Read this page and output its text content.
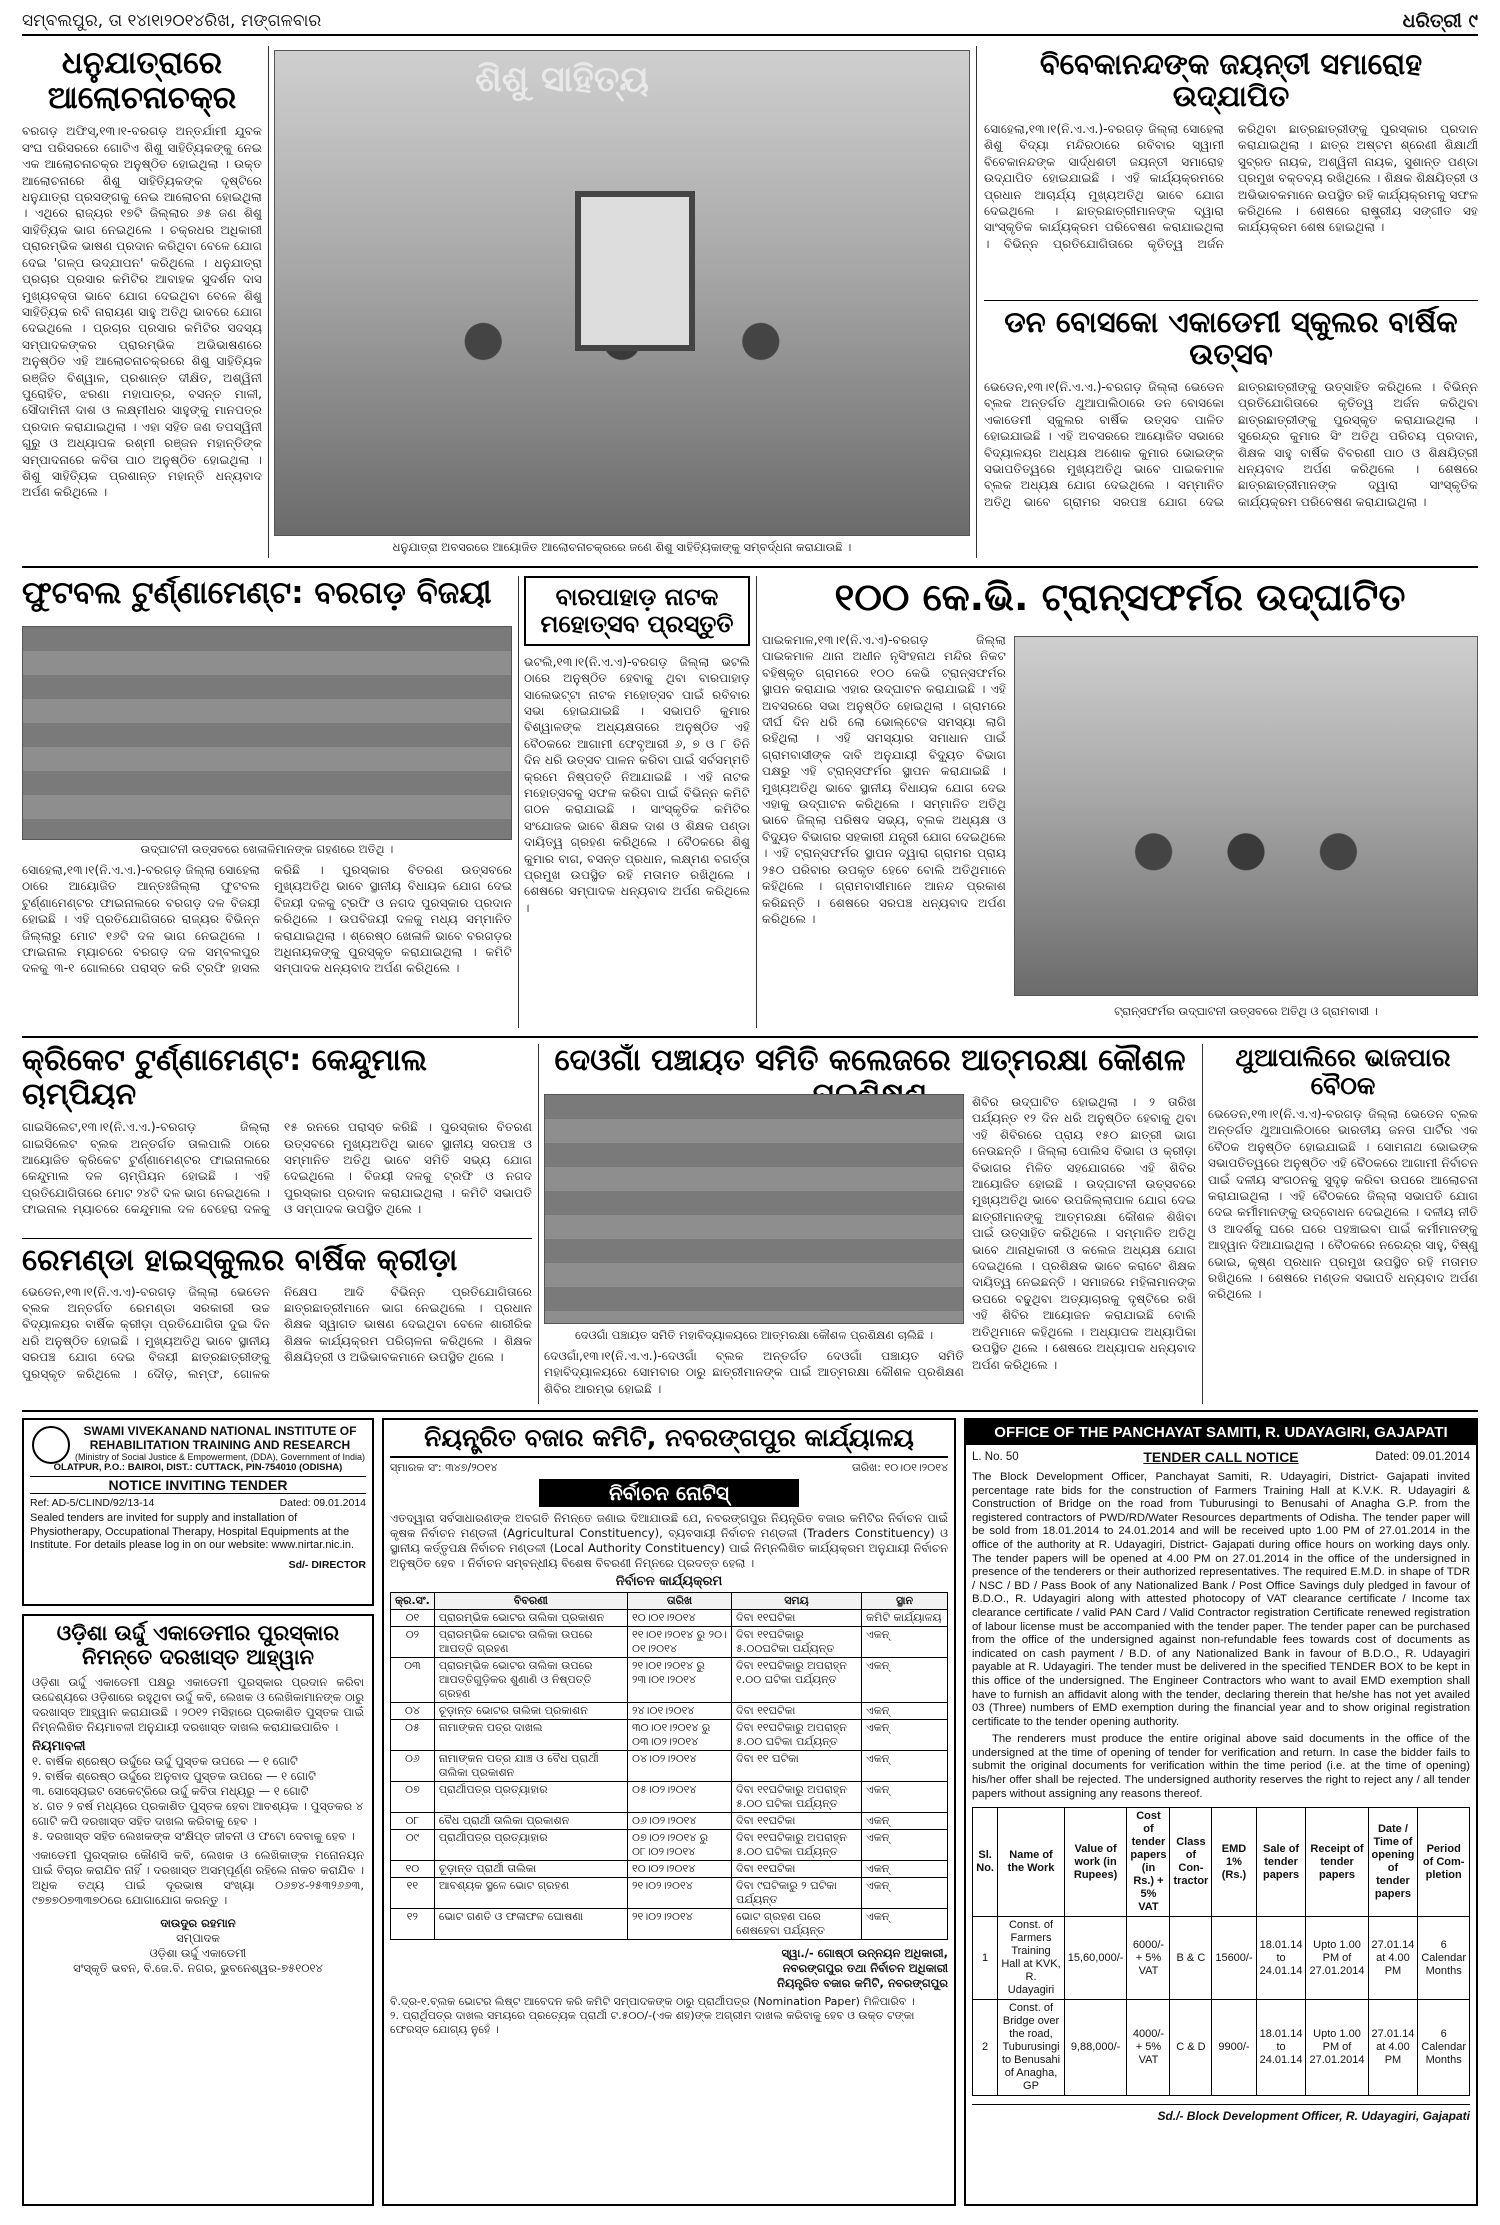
ସମ୍ବଲପୁର, ତା ୧୪ା୧ା୨୦୧୪ରିଖ, ମଙ୍ଗଳବାର	ଧରିତ୍ରୀ ୯
ଧନୁଯାତ୍ରାରେ ଆଲୋଚନାଚକ୍ର
ବରଗଡ଼ ଅଫିସ୍,୧୩।୧-ବରଗଡ଼ ଅନ୍ତର୍ଯାମୀ ଯୁବକ ସଂଘ ପରିସରରେ ଗୋଟିଏ ଶିଶୁ ସାହିତ୍ୟିକଙ୍କୁ ନେଇ ଏକ ଆଲୋଚନାଚକ୍ର ଅନୁଷ୍ଠିତ ହୋଇଥିଲା । ଉକ୍ତ ଆଲୋଚନାରେ ଶିଶୁ ସାହିତ୍ୟିକଙ୍କ ଦୃଷ୍ଟିରେ ଧନୁଯାତ୍ରା ପ୍ରସଙ୍ଗକୁ ନେଇ ଆଲୋଚନା ହୋଇଥିଲା । ଏଥିରେ ରାଜ୍ୟର ୧୭ଟି ଜିଲ୍ଲାର ୬୫ ଜଣ ଶିଶୁ ସାହିତ୍ୟିକ ଭାଗ ନେଇଥିଲେ । ଚକ୍ରଧର ଅଧିକାରୀ ପ୍ରାରମ୍ଭିକ ଭାଷଣ ପ୍ରଦାନ କରିଥିବା ବେଳେ ଯୋଗ ଦେଇ 'ଗଳ୍ପ ଉଦ୍‌ଯାପନ' କରିଥିଲେ । ଧନୁଯାତ୍ରା ପ୍ରଚାର ପ୍ରସାର କମିଟିର ଆବାହକ ସୁଦର୍ଶନ ଦାସ ମୁଖ୍ୟବକ୍ତା ଭାବେ ଯୋଗ ଦେଇଥିବା ବେଳେ ଶିଶୁ ସାହିତ୍ୟିକ ରବି ନାରାୟଣ ସାହୁ ଅତିଥି ଭାବରେ ଯୋଗ ଦେଇଥିଲେ । ପ୍ରଚାର ପ୍ରସାର କମିଟିର ସଦସ୍ୟ ସମ୍ପାଦକଙ୍କର ପ୍ରାରମ୍ଭିକ ଅଭିଭାଷଣରେ ଅନୁଷ୍ଠିତ ଏହି ଆଲୋଚନାଚକ୍ରରେ ଶିଶୁ ସାହିତ୍ୟିକ ରଞ୍ଜିତ ବିଶ୍ୱାଳ, ପ୍ରଶାନ୍ତ ଦୀକ୍ଷିତ, ଅଶ୍ୱିନୀ ପୁରୋହିତ, ଝରଣା ମହାପାତ୍ର, ବସନ୍ତ ମାଳୀ, ସୌଦାମିନୀ ଦାଶ ଓ ଲକ୍ଷ୍ମୀଧର ସାହୁଙ୍କୁ ମାନପତ୍ର ପ୍ରଦାନ କରାଯାଇଥିଲା । ଏହା ସହିତ ଜଣ ତପସ୍ୱିନୀ ଗୁରୁ ଓ ଅଧ୍ୟାପକ ରଶ୍ମୀ ରଞ୍ଜନ ମହାନ୍ତିଙ୍କ ସମ୍ପାଦନାରେ କବିତା ପାଠ ଅନୁଷ୍ଠିତ ହୋଇଥିଲା । ଶିଶୁ ସାହିତ୍ୟିକ ପ୍ରଶାନ୍ତ ମହାନ୍ତି ଧନ୍ୟବାଦ ଅର୍ପଣ କରିଥିଲେ ।
ଶିଶୁ ସାହିତ୍ୟ
ଧନୁଯାତ୍ରା ଅବସରରେ ଆୟୋଜିତ ଆଲୋଚନାଚକ୍ରରେ ଜଣେ ଶିଶୁ ସାହିତ୍ୟିକାଙ୍କୁ ସମ୍ବର୍ଦ୍ଧନା କରାଯାଉଛି ।
ବିବେକାନନ୍ଦଙ୍କ ଜୟନ୍ତୀ ସମାରୋହ ଉଦ୍‌ଯାପିତ
ସୋହେଲା,୧୩।୧(ନି.ଏ.ଏ.)-ବରଗଡ଼ ଜିଲ୍ଲା ସୋହେଲା ଶିଶୁ ବିଦ୍ୟା ମନ୍ଦିରଠାରେ ରବିବାର ସ୍ୱାମୀ ବିବେକାନନ୍ଦଙ୍କ ସାର୍ଦ୍ଧଶତୀ ଜୟନ୍ତୀ ସମାରୋହ ଉଦ୍‌ଯାପିତ ହୋଇଯାଇଛି । ଏହି କାର୍ଯ୍ୟକ୍ରମରେ ପ୍ରଧାନ ଆଚାର୍ଯ୍ୟ ମୁଖ୍ୟଅତିଥି ଭାବେ ଯୋଗ ଦେଇଥିଲେ । ଛାତ୍ରଛାତ୍ରୀମାନଙ୍କ ଦ୍ୱାରା ସାଂସ୍କୃତିକ କାର୍ଯ୍ୟକ୍ରମ ପରିବେଷଣ କରାଯାଇଥିଲା । ବିଭିନ୍ନ ପ୍ରତିଯୋଗିତାରେ କୃତିତ୍ୱ ଅର୍ଜନ କରିଥିବା ଛାତ୍ରଛାତ୍ରୀଙ୍କୁ ପୁରସ୍କାର ପ୍ରଦାନ କରାଯାଇଥିଲା । ଛାତ୍ର ଅଷ୍ଟମ ଶ୍ରେଣୀ ଶିକ୍ଷାର୍ଥୀ ସୁବ୍ରତ ନାୟକ, ଅଶ୍ୱିନୀ ନାୟକ, ସୁଶାନ୍ତ ପଣ୍ଡା ପ୍ରମୁଖ ବକ୍ତବ୍ୟ ରଖିଥିଲେ । ଶିକ୍ଷକ ଶିକ୍ଷୟିତ୍ରୀ ଓ ଅଭିଭାବକମାନେ ଉପସ୍ଥିତ ରହି କାର୍ଯ୍ୟକ୍ରମକୁ ସଫଳ କରିଥିଲେ । ଶେଷରେ ରାଷ୍ଟ୍ରୀୟ ସଙ୍ଗୀତ ସହ କାର୍ଯ୍ୟକ୍ରମ ଶେଷ ହୋଇଥିଲା ।
ଡନ ବୋସକୋ ଏକାଡେମୀ ସ୍କୁଲର ବାର୍ଷିକ ଉତ୍ସବ
ଭେଡେନ,୧୩।୧(ନି.ଏ.ଏ.)-ବରଗଡ଼ ଜିଲ୍ଲା ଭେଡେନ ବ୍ଲକ ଅନ୍ତର୍ଗତ ଥୁଆପାଲିଠାରେ ଡନ ବୋସକୋ ଏକାଡେମୀ ସ୍କୁଲର ବାର୍ଷିକ ଉତ୍ସବ ପାଳିତ ହୋଇଯାଇଛି । ଏହି ଅବସରରେ ଆୟୋଜିତ ସଭାରେ ବିଦ୍ୟାଳୟର ଅଧ୍ୟକ୍ଷ ଅଶୋକ କୁମାର ଭୋଇଙ୍କ ସଭାପତିତ୍ୱରେ ମୁଖ୍ୟଅତିଥି ଭାବେ ପାଇକମାଳ ବ୍ଲକ ଅଧ୍ୟକ୍ଷ ଯୋଗ ଦେଇଥିଲେ । ସମ୍ମାନିତ ଅତିଥି ଭାବେ ଗ୍ରାମର ସରପଞ୍ଚ ଯୋଗ ଦେଇ ଛାତ୍ରଛାତ୍ରୀଙ୍କୁ ଉତ୍ସାହିତ କରିଥିଲେ । ବିଭିନ୍ନ ପ୍ରତିଯୋଗିତାରେ କୃତିତ୍ୱ ଅର୍ଜନ କରିଥିବା ଛାତ୍ରଛାତ୍ରୀଙ୍କୁ ପୁରସ୍କୃତ କରାଯାଇଥିଲା । ସୁରେନ୍ଦ୍ର କୁମାର ସିଂ ଅତିଥି ପରିଚୟ ପ୍ରଦାନ, ଶିକ୍ଷକ ସାହୁ ବାର୍ଷିକ ବିବରଣୀ ପାଠ ଓ ଶିକ୍ଷୟିତ୍ରୀ ଧନ୍ୟବାଦ ଅର୍ପଣ କରିଥିଲେ । ଶେଷରେ ଛାତ୍ରଛାତ୍ରୀମାନଙ୍କ ଦ୍ୱାରା ସାଂସ୍କୃତିକ କାର୍ଯ୍ୟକ୍ରମ ପରିବେଷଣ କରାଯାଇଥିଲା ।
ଫୁଟବଲ ଟୁର୍ଣ୍ଣାମେଣ୍ଟ: ବରଗଡ଼ ବିଜୟୀ
ଉଦ୍‌ଘାଟନୀ ଉତ୍ସବରେ ଖେଳାଳିମାନଙ୍କ ଗହଣରେ ଅତିଥି ।
ସୋହେଲା,୧୩।୧(ନି.ଏ.ଏ.)-ବରଗଡ଼ ଜିଲ୍ଲା ସୋହେଲା ଠାରେ ଆୟୋଜିତ ଆନ୍ତଃଜିଲ୍ଲା ଫୁଟବଲ ଟୁର୍ଣ୍ଣାମେଣ୍ଟର ଫାଇନାଲରେ ବରଗଡ଼ ଦଳ ବିଜୟୀ ହୋଇଛି । ଏହି ପ୍ରତିଯୋଗିତାରେ ରାଜ୍ୟର ବିଭିନ୍ନ ଜିଲ୍ଲାରୁ ମୋଟ ୧୬ଟି ଦଳ ଭାଗ ନେଇଥିଲେ । ଫାଇନାଲ ମ୍ୟାଚରେ ବରଗଡ଼ ଦଳ ସମ୍ବଲପୁର ଦଳକୁ ୩-୧ ଗୋଲରେ ପରାସ୍ତ କରି ଟ୍ରଫି ହାସଲ କରିଛି । ପୁରସ୍କାର ବିତରଣ ଉତ୍ସବରେ ମୁଖ୍ୟଅତିଥି ଭାବେ ସ୍ଥାନୀୟ ବିଧାୟକ ଯୋଗ ଦେଇ ବିଜୟୀ ଦଳକୁ ଟ୍ରଫି ଓ ନଗଦ ପୁରସ୍କାର ପ୍ରଦାନ କରିଥିଲେ । ଉପବିଜୟୀ ଦଳକୁ ମଧ୍ୟ ସମ୍ମାନିତ କରାଯାଇଥିଲା । ଶ୍ରେଷ୍ଠ ଖେଳାଳି ଭାବେ ବରଗଡ଼ର ଅଧିନାୟକଙ୍କୁ ପୁରସ୍କୃତ କରାଯାଇଥିଲା । କମିଟି ସମ୍ପାଦକ ଧନ୍ୟବାଦ ଅର୍ପଣ କରିଥିଲେ ।
ବାରପାହାଡ଼ ନାଟକ ମହୋତ୍ସବ ପ୍ରସ୍ତୁତି
ଭଟଲି,୧୩।୧(ନି.ଏ.ଏ)-ବରଗଡ଼ ଜିଲ୍ଲା ଭଟଲି ଠାରେ ଅନୁଷ୍ଠିତ ହେବାକୁ ଥିବା ବାରପାହାଡ଼ ସାଲେଭଟ୍ଟା ନାଟକ ମହୋତ୍ସବ ପାଇଁ ରବିବାର ସଭା ହୋଇଯାଇଛି । ସଭାପତି କୁମାର ବିଶ୍ୱାଳଙ୍କ ଅଧ୍ୟକ୍ଷତାରେ ଅନୁଷ୍ଠିତ ଏହି ବୈଠକରେ ଆଗାମୀ ଫେବୃଆରୀ ୬, ୭ ଓ ୮ ତିନି ଦିନ ଧରି ଉତ୍ସବ ପାଳନ କରିବା ପାଇଁ ସର୍ବସମ୍ମତି କ୍ରମେ ନିଷ୍ପତ୍ତି ନିଆଯାଇଛି । ଏହି ନାଟକ ମହୋତ୍ସବକୁ ସଫଳ କରିବା ପାଇଁ ବିଭିନ୍ନ କମିଟି ଗଠନ କରାଯାଇଛି । ସାଂସ୍କୃତିକ କମିଟିର ସଂଯୋଜକ ଭାବେ ଶିକ୍ଷକ ଦାଶ ଓ ଶିକ୍ଷକ ପଣ୍ଡା ଦାୟିତ୍ୱ ଗ୍ରହଣ କରିଥିଲେ । ବୈଠକରେ ଶିଶୁ କୁମାର ବାଗ, ବସନ୍ତ ପ୍ରଧାନ, ଲକ୍ଷ୍ମଣ ବଗର୍ତ୍ତା ପ୍ରମୁଖ ଉପସ୍ଥିତ ରହି ମତାମତ ରଖିଥିଲେ । ଶେଷରେ ସମ୍ପାଦକ ଧନ୍ୟବାଦ ଅର୍ପଣ କରିଥିଲେ ।
୧୦୦ କେ.ଭି. ଟ୍ରାନ୍ସଫର୍ମର ଉଦ୍‌ଘାଟିତ
ପାଇକମାଳ,୧୩।୧(ନି.ଏ.ଏ)-ବରଗଡ଼ ଜିଲ୍ଲା ପାଇକମାଳ ଥାନା ଅଧୀନ ନୃସିଂହନାଥ ମନ୍ଦିର ନିକଟ ବହିଷ୍କୃତ ଗ୍ରାମରେ ୧୦୦ କେଭି ଟ୍ରାନ୍ସଫର୍ମର ସ୍ଥାପନ କରାଯାଇ ଏହାର ଉଦ୍‌ଘାଟନ କରାଯାଇଛି । ଏହି ଅବସରରେ ସଭା ଅନୁଷ୍ଠିତ ହୋଇଥିଲା । ଗ୍ରାମରେ ଦୀର୍ଘ ଦିନ ଧରି ଲୋ ଭୋଲ୍ଟେଜ ସମସ୍ୟା ଲାଗି ରହିଥିଲା । ଏହି ସମସ୍ୟାର ସମାଧାନ ପାଇଁ ଗ୍ରାମବାସୀଙ୍କ ଦାବି ଅନୁଯାୟୀ ବିଦ୍ୟୁତ ବିଭାଗ ପକ୍ଷରୁ ଏହି ଟ୍ରାନ୍ସଫର୍ମର ସ୍ଥାପନ କରାଯାଇଛି । ମୁଖ୍ୟଅତିଥି ଭାବେ ସ୍ଥାନୀୟ ବିଧାୟକ ଯୋଗ ଦେଇ ଏହାକୁ ଉଦ୍‌ଘାଟନ କରିଥିଲେ । ସମ୍ମାନିତ ଅତିଥି ଭାବେ ଜିଲ୍ଲା ପରିଷଦ ସଭ୍ୟ, ବ୍ଲକ ଅଧ୍ୟକ୍ଷ ଓ ବିଦ୍ୟୁତ ବିଭାଗର ସହକାରୀ ଯନ୍ତ୍ରୀ ଯୋଗ ଦେଇଥିଲେ । ଏହି ଟ୍ରାନ୍ସଫର୍ମର ସ୍ଥାପନ ଦ୍ୱାରା ଗ୍ରାମର ପ୍ରାୟ ୨୫୦ ପରିବାର ଉପକୃତ ହେବେ ବୋଲି ଅତିଥିମାନେ କହିଥିଲେ । ଗ୍ରାମବାସୀମାନେ ଆନନ୍ଦ ପ୍ରକାଶ କରିଛନ୍ତି । ଶେଷରେ ସରପଞ୍ଚ ଧନ୍ୟବାଦ ଅର୍ପଣ କରିଥିଲେ ।
ଟ୍ରାନ୍ସଫର୍ମର ଉଦ୍‌ଘାଟନୀ ଉତ୍ସବରେ ଅତିଥି ଓ ଗ୍ରାମବାସୀ ।
କ୍ରିକେଟ ଟୁର୍ଣ୍ଣାମେଣ୍ଟ: କେନ୍ଦୁମାଲ ଚାମ୍ପିୟନ
ଗାଇସିଲେଟ,୧୩।୧(ନି.ଏ.ଏ.)-ବରଗଡ଼ ଜିଲ୍ଲା ଗାଇସିଲେଟ ବ୍ଲକ ଅନ୍ତର୍ଗତ ତାଲପାଲି ଠାରେ ଆୟୋଜିତ କ୍ରିକେଟ ଟୁର୍ଣ୍ଣାମେଣ୍ଟର ଫାଇନାଲରେ କେନ୍ଦୁମାଲ ଦଳ ଚାମ୍ପିୟନ ହୋଇଛି । ଏହି ପ୍ରତିଯୋଗିତାରେ ମୋଟ ୨୪ଟି ଦଳ ଭାଗ ନେଇଥିଲେ । ଫାଇନାଲ ମ୍ୟାଚରେ କେନ୍ଦୁମାଲ ଦଳ ବେହେରା ଦଳକୁ ୧୫ ରନରେ ପରାସ୍ତ କରିଛି । ପୁରସ୍କାର ବିତରଣ ଉତ୍ସବରେ ମୁଖ୍ୟଅତିଥି ଭାବେ ସ୍ଥାନୀୟ ସରପଞ୍ଚ ଓ ସମ୍ମାନିତ ଅତିଥି ଭାବେ ସମିତି ସଭ୍ୟ ଯୋଗ ଦେଇଥିଲେ । ବିଜୟୀ ଦଳକୁ ଟ୍ରଫି ଓ ନଗଦ ପୁରସ୍କାର ପ୍ରଦାନ କରାଯାଇଥିଲା । କମିଟି ସଭାପତି ଓ ସମ୍ପାଦକ ଉପସ୍ଥିତ ଥିଲେ ।
ରେମଣ୍ଡା ହାଇସ୍କୁଲର ବାର୍ଷିକ କ୍ରୀଡ଼ା
ଭେଡେନ,୧୩।୧(ନି.ଏ.ଏ)-ବରଗଡ଼ ଜିଲ୍ଲା ଭେଡେନ ବ୍ଲକ ଅନ୍ତର୍ଗତ ରେମଣ୍ଡା ସରକାରୀ ଉଚ୍ଚ ବିଦ୍ୟାଳୟର ବାର୍ଷିକ କ୍ରୀଡ଼ା ପ୍ରତିଯୋଗିତା ଦୁଇ ଦିନ ଧରି ଅନୁଷ୍ଠିତ ହୋଇଛି । ମୁଖ୍ୟଅତିଥି ଭାବେ ସ୍ଥାନୀୟ ସରପଞ୍ଚ ଯୋଗ ଦେଇ ବିଜୟୀ ଛାତ୍ରଛାତ୍ରୀଙ୍କୁ ପୁରସ୍କୃତ କରିଥିଲେ । ଦୌଡ଼, ଲମ୍ଫ, ଗୋଳକ ନିକ୍ଷେପ ଆଦି ବିଭିନ୍ନ ପ୍ରତିଯୋଗିତାରେ ଛାତ୍ରଛାତ୍ରୀମାନେ ଭାଗ ନେଇଥିଲେ । ପ୍ରଧାନ ଶିକ୍ଷକ ସ୍ୱାଗତ ଭାଷଣ ଦେଇଥିବା ବେଳେ ଶାରୀରିକ ଶିକ୍ଷକ କାର୍ଯ୍ୟକ୍ରମ ପରିଚାଳନା କରିଥିଲେ । ଶିକ୍ଷକ ଶିକ୍ଷୟିତ୍ରୀ ଓ ଅଭିଭାବକମାନେ ଉପସ୍ଥିତ ଥିଲେ ।
ଦେଓଗାଁ ପଞ୍ଚାୟତ ସମିତି କଲେଜରେ ଆତ୍ମରକ୍ଷା କୌଶଳ
ଦେଓଗାଁ ପଞ୍ଚାୟତ ସମିତି ମହାବିଦ୍ୟାଳୟରେ ଆତ୍ମରକ୍ଷା କୌଶଳ ପ୍ରଶିକ୍ଷଣ ଚାଲିଛି ।
ଦେଓଗାଁ,୧୩।୧(ନି.ଏ.ଏ.)-ଦେଓଗାଁ ବ୍ଲକ ଅନ୍ତର୍ଗତ ଦେଓଗାଁ ପଞ୍ଚାୟତ ସମିତି ମହାବିଦ୍ୟାଳୟରେ ସୋମବାର ଠାରୁ ଛାତ୍ରୀମାନଙ୍କ ପାଇଁ ଆତ୍ମରକ୍ଷା କୌଶଳ ପ୍ରଶିକ୍ଷଣ ଶିବିର ଆରମ୍ଭ ହୋଇଛି ।
ଶିବିର ଉଦ୍‌ଘାଟିତ ହୋଇଥିଲା । ୨ ତାରିଖ ପର୍ଯ୍ୟନ୍ତ ୧୨ ଦିନ ଧରି ଅନୁଷ୍ଠିତ ହେବାକୁ ଥିବା ଏହି ଶିବିରରେ ପ୍ରାୟ ୧୫୦ ଛାତ୍ରୀ ଭାଗ ନେଉଛନ୍ତି । ଜିଲ୍ଲା ପୋଲିସ ବିଭାଗ ଓ କ୍ରୀଡ଼ା ବିଭାଗର ମିଳିତ ସହଯୋଗରେ ଏହି ଶିବିର ଆୟୋଜିତ ହୋଇଛି । ଉଦ୍‌ଘାଟନୀ ଉତ୍ସବରେ ମୁଖ୍ୟଅତିଥି ଭାବେ ଉପଜିଲ୍ଲାପାଳ ଯୋଗ ଦେଇ ଛାତ୍ରୀମାନଙ୍କୁ ଆତ୍ମରକ୍ଷା କୌଶଳ ଶିଖିବା ପାଇଁ ଉତ୍ସାହିତ କରିଥିଲେ । ସମ୍ମାନିତ ଅତିଥି ଭାବେ ଥାନାଧିକାରୀ ଓ କଲେଜ ଅଧ୍ୟକ୍ଷ ଯୋଗ ଦେଇଥିଲେ । ପ୍ରଶିକ୍ଷକ ଭାବେ କରାଟେ ଶିକ୍ଷକ ଦାୟିତ୍ୱ ନେଇଛନ୍ତି । ସମାଜରେ ମହିଳାମାନଙ୍କ ଉପରେ ବଢୁଥିବା ଅତ୍ୟାଚାରକୁ ଦୃଷ୍ଟିରେ ରଖି ଏହି ଶିବିର ଆୟୋଜନ କରାଯାଇଛି ବୋଲି ଅତିଥିମାନେ କହିଥିଲେ । ଅଧ୍ୟାପକ ଅଧ୍ୟାପିକା ଉପସ୍ଥିତ ଥିଲେ । ଶେଷରେ ଅଧ୍ୟାପକ ଧନ୍ୟବାଦ ଅର୍ପଣ କରିଥିଲେ ।
ଥୁଆପାଲିରେ ଭାଜପାର ବୈଠକ
ଭେଡେନ,୧୩।୧(ନି.ଏ.ଏ)-ବରଗଡ଼ ଜିଲ୍ଲା ଭେଡେନ ବ୍ଲକ ଅନ୍ତର୍ଗତ ଥୁଆପାଲିଠାରେ ଭାରତୀୟ ଜନତା ପାର୍ଟିର ଏକ ବୈଠକ ଅନୁଷ୍ଠିତ ହୋଇଯାଇଛି । ସୋମନାଥ ଭୋଇଙ୍କ ସଭାପତିତ୍ୱରେ ଅନୁଷ୍ଠିତ ଏହି ବୈଠକରେ ଆଗାମୀ ନିର୍ବାଚନ ପାଇଁ ଦଳୀୟ ସଂଗଠନକୁ ସୁଦୃଢ଼ କରିବା ଉପରେ ଆଲୋଚନା କରାଯାଇଥିଲା । ଏହି ବୈଠକରେ ଜିଲ୍ଲା ସଭାପତି ଯୋଗ ଦେଇ କର୍ମୀମାନଙ୍କୁ ଉଦ୍‌ବୋଧନ ଦେଇଥିଲେ । ଦଳୀୟ ନୀତି ଓ ଆଦର୍ଶକୁ ଘରେ ଘରେ ପହଞ୍ଚାଇବା ପାଇଁ କର୍ମୀମାନଙ୍କୁ ଆହ୍ୱାନ ଦିଆଯାଇଥିଲା । ବୈଠକରେ ନରେନ୍ଦ୍ର ସାହୁ, ବିଷ୍ଣୁ ଭୋଇ, କୃଷ୍ଣ ପ୍ରଧାନ ପ୍ରମୁଖ ଉପସ୍ଥିତ ରହି ମତାମତ ରଖିଥିଲେ । ଶେଷରେ ମଣ୍ଡଳ ସଭାପତି ଧନ୍ୟବାଦ ଅର୍ପଣ କରିଥିଲେ ।
SWAMI VIVEKANAND NATIONAL INSTITUTE OF REHABILITATION TRAINING AND RESEARCH
(Ministry of Social Justice & Empowerment, (DDA), Government of India)
OLATPUR, P.O.: BAIROI, DIST.: CUTTACK, PIN-754010 (ODISHA)
NOTICE INVITING TENDER
Ref: AD-5/CLIND/92/13-14	Dated: 09.01.2014
Sealed tenders are invited for supply and installation of Physiotherapy, Occupational Therapy, Hospital Equipments at the Institute. For details please log in on our website: www.nirtar.nic.in.
Sd/- DIRECTOR
ଓଡ଼ିଶା ଉର୍ଦ୍ଦୁ ଏକାଡେମୀର ପୁରସ୍କାର ନିମନ୍ତେ ଦରଖାସ୍ତ ଆହ୍ୱାନ
ଓଡ଼ିଶା ଉର୍ଦ୍ଦୁ ଏକାଡେମୀ ପକ୍ଷରୁ ଏକାଡେମୀ ପୁରସ୍କାର ପ୍ରଦାନ କରିବା ଉଦ୍ଦେଶ୍ୟରେ ଓଡ଼ିଶାରେ ରହୁଥିବା ଉର୍ଦ୍ଦୁ କବି, ଲେଖକ ଓ ଲେଖିକାମାନଙ୍କ ଠାରୁ ଦରଖାସ୍ତ ଆହ୍ୱାନ କରାଯାଉଛି । ୨୦୧୨ ମସିହାରେ ପ୍ରକାଶିତ ପୁସ୍ତକ ପାଇଁ ନିମ୍ନଲିଖିତ ନିୟମାବଳୀ ଅନୁଯାୟୀ ଦରଖାସ୍ତ ଦାଖଲ କରାଯାଇପାରିବ ।
ନିୟମାବଳୀ
୧. ବାର୍ଷିକ ଶ୍ରେଷ୍ଠ ଉର୍ଦ୍ଦୁରେ ଉର୍ଦ୍ଦୁ ପୁସ୍ତକ ଉପରେ — ୧ ଗୋଟି
୨. ବାର୍ଷିକ ଶ୍ରେଷ୍ଠ ଉର୍ଦ୍ଦୁରେ ଅନୁବାଦ ପୁସ୍ତକ ଉପରେ — ୧ ଗୋଟି
୩. ସୋସ୍ୟେଇଟ ସେକେଟ୍ରିରେ ଉର୍ଦ୍ଦୁ କବିତା ମଧ୍ୟରୁ — ୧ ଗୋଟି
୪. ଗତ ୨ ବର୍ଷ ମଧ୍ୟରେ ପ୍ରକାଶିତ ପୁସ୍ତକ ହେବା ଆବଶ୍ୟକ । ପୁସ୍ତକର ୪ ଗୋଟି କପି ଦରଖାସ୍ତ ସହିତ ଦାଖଲ କରିବାକୁ ହେବ ।
୫. ଦରଖାସ୍ତ ସହିତ ଲେଖକଙ୍କ ସଂକ୍ଷିପ୍ତ ଜୀବନୀ ଓ ଫଟୋ ଦେବାକୁ ହେବ ।
ଏକାଡେମୀ ପୁରସ୍କାର କୌଣସି କବି, ଲେଖକ ଓ ଲେଖିକାଙ୍କ ମନୋନୟନ ପାଇଁ ବିଚାର କରାଯିବ ନାହିଁ । ଦରଖାସ୍ତ ଅସମ୍ପୂର୍ଣ୍ଣ ରହିଲେ ନାକଚ କରାଯିବ । ଅଧିକ ତଥ୍ୟ ପାଇଁ ଦୂରଭାଷ ସଂଖ୍ୟା ୦୬୭୪-୨୫୩୨୬୬୩, ୯୭୭୭୦୭୩୩୭୦ରେ ଯୋଗାଯୋଗ କରନ୍ତୁ ।
ଦାଉଦୁର ରହମାନ
ସମ୍ପାଦକ
ଓଡ଼ିଶା ଉର୍ଦ୍ଦୁ ଏକାଡେମୀ
ସଂସ୍କୃତି ଭବନ, ବି.ଜେ.ବି. ନଗର, ଭୁବନେଶ୍ୱର-୭୫୧୦୧୪
ନିୟନ୍ତ୍ରିତ ବଜାର କମିଟି, ନବରଙ୍ଗପୁର କାର୍ଯ୍ୟାଳୟ
ସ୍ମାରକ ସଂ: ୩୪୭/୨୦୧୪	ତାରିଖ: ୧୦।୦୧।୨୦୧୪
ନିର୍ବାଚନ ନୋଟିସ୍
ଏତଦ୍ୱାରା ସର୍ବସାଧାରଣଙ୍କ ଅବଗତି ନିମନ୍ତେ ଜଣାଇ ଦିଆଯାଉଛି ଯେ, ନବରଙ୍ଗପୁର ନିୟନ୍ତ୍ରିତ ବଜାର କମିଟିର ନିର୍ବାଚନ ପାଇଁ କୃଷକ ନିର୍ବାଚନ ମଣ୍ଡଳୀ (Agricultural Constituency), ବ୍ୟବସାୟୀ ନିର୍ବାଚନ ମଣ୍ଡଳୀ (Traders Constituency) ଓ ସ୍ଥାନୀୟ କର୍ତ୍ତୃପକ୍ଷ ନିର୍ବାଚନ ମଣ୍ଡଳୀ (Local Authority Constituency) ପାଇଁ ନିମ୍ନଲିଖିତ କାର୍ଯ୍ୟକ୍ରମ ଅନୁଯାୟୀ ନିର୍ବାଚନ ଅନୁଷ୍ଠିତ ହେବ । ନିର୍ବାଚନ ସମ୍ବନ୍ଧୀୟ ବିଶେଷ ବିବରଣୀ ନିମ୍ନରେ ପ୍ରଦତ୍ତ ହେଲା ।
ନିର୍ବାଚନ କାର୍ଯ୍ୟକ୍ରମ
କ୍ର.ସଂ.	ବିବରଣୀ	ତାରିଖ	ସମୟ	ସ୍ଥାନ
୦୧	ପ୍ରାରମ୍ଭିକ ଭୋଟର ତାଲିକା ପ୍ରକାଶନ	୧୦।୦୧।୨୦୧୪	ଦିବା ୧୧ଘଟିକା	କମିଟି କାର୍ଯ୍ୟାଳୟ
୦୨	ପ୍ରାରମ୍ଭିକ ଭୋଟର ତାଲିକା ଉପରେ ଆପତ୍ତି ଗ୍ରହଣ	୧୧।୦୧।୨୦୧୪ ରୁ ୨୦।୦୧।୨୦୧୪	ଦିବା ୧୧ଘଟିକାରୁ ୫.୦୦ଘଟିକା ପର୍ଯ୍ୟନ୍ତ	ଏକନ୍
୦୩	ପ୍ରାରମ୍ଭିକ ଭୋଟର ତାଲିକା ଉପରେ ଆପତ୍ତିଗୁଡ଼ିକର ଶୁଣାଣି ଓ ନିଷ୍ପତ୍ତି ଗ୍ରହଣ	୨୧।୦୧।୨୦୧୪ ରୁ ୨୩।୦୧।୨୦୧୪	ଦିବା ୧୧ଘଟିକାରୁ ଅପରାହ୍ନ ୧.୦୦ ଘଟିକା ପର୍ଯ୍ୟନ୍ତ	ଏକନ୍
୦୪	ଚୂଡ଼ାନ୍ତ ଭୋଟର ତାଲିକା ପ୍ରକାଶନ	୨୪।୦୧।୨୦୧୪	ଦିବା ୧୧ଘଟିକା	ଏକନ୍
୦୫	ନାମାଙ୍କନ ପତ୍ର ଦାଖଲ	୩୦।୦୧।୨୦୧୪ ରୁ ୦୩।୦୨।୨୦୧୪	ଦିବା ୧୧ଘଟିକାରୁ ଅପରାହ୍ନ ୫.୦୦ ଘଟିକା ପର୍ଯ୍ୟନ୍ତ	ଏକନ୍
୦୬	ନାମାଙ୍କନ ପତ୍ର ଯାଞ୍ଚ ଓ ବୈଧ ପ୍ରାର୍ଥୀ ତାଲିକା ପ୍ରକାଶନ	୦୪।୦୨।୨୦୧୪	ଦିବା ୧୧ ଘଟିକା	ଏକନ୍
୦୭	ପ୍ରାର୍ଥୀପତ୍ର ପ୍ରତ୍ୟାହାର	୦୫।୦୨।୨୦୧୪	ଦିବା ୧୧ଘଟିକାରୁ ଅପରାହ୍ନ ୫.୦୦ ଘଟିକା ପର୍ଯ୍ୟନ୍ତ	ଏକନ୍
୦୮	ବୈଧ ପ୍ରାର୍ଥୀ ତାଲିକା ପ୍ରକାଶନ	୦୬।୦୨।୨୦୧୪	ଦିବା ୧୧ଘଟିକା	ଏକନ୍
୦୯	ପ୍ରାର୍ଥୀପତ୍ର ପ୍ରତ୍ୟାହାର	୦୭।୦୨।୨୦୧୪ ରୁ ୦୮।୦୨।୨୦୧୪	ଦିବା ୧୧ଘଟିକାରୁ ଅପରାହ୍ନ ୫.୦୦ ଘଟିକା ପର୍ଯ୍ୟନ୍ତ	ଏକନ୍
୧୦	ଚୂଡ଼ାନ୍ତ ପ୍ରାର୍ଥୀ ତାଲିକା	୧୦।୦୨।୨୦୧୪	ଦିବା ୧୧ଘଟିକା	ଏକନ୍
୧୧	ଆବଶ୍ୟକ ସ୍ଥଳେ ଭୋଟ ଗ୍ରହଣ	୨୧।୦୨।୨୦୧୪	ଦିବା ୯ଘଟିକାରୁ ୨ ଘଟିକା ପର୍ଯ୍ୟନ୍ତ	ଏକନ୍
୧୨	ଭୋଟ ଗଣତି ଓ ଫଳାଫଳ ଘୋଷଣା	୨୧।୦୨।୨୦୧୪	ଭୋଟ ଗ୍ରହଣ ପରେ ଶେଷହେବା ପର୍ଯ୍ୟନ୍ତ	ଏକନ୍
ସ୍ୱା./- ଗୋଷ୍ଠୀ ଉନ୍ନୟନ ଅଧିକାରୀ,
ନବରଙ୍ଗପୁର ତଥା ନିର୍ବାଚନ ଅଧିକାରୀ
ନିୟନ୍ତ୍ରିତ ବଜାର କମିଟି, ନବରଙ୍ଗପୁର
ବି.ଦ୍ର-୧.ବ୍ଲକ ଭୋଟର ଲିଷ୍ଟ ଆବେଦନ କରି କମିଟି ସମ୍ପାଦକଙ୍କ ଠାରୁ ପ୍ରାର୍ଥୀପତ୍ର (Nomination Paper) ମିଳିପାରିବ ।
୨. ପ୍ରାର୍ଥିପତ୍ର ଦାଖଲ ସମୟରେ ପ୍ରତ୍ୟେକ ପ୍ରାର୍ଥୀ ଟ.୫୦୦/-(ଏକ ଶହ)ଙ୍କ ଅଗ୍ରୀମ ଦାଖଲ କରିବାକୁ ହେବ ଓ ଉକ୍ତ ଟଙ୍କା ଫେରସ୍ତ ଯୋଗ୍ୟ ନୁହେଁ ।
OFFICE OF THE PANCHAYAT SAMITI, R. UDAYAGIRI, GAJAPATI
L. No. 50	TENDER CALL NOTICE	Dated: 09.01.2014
The Block Development Officer, Panchayat Samiti, R. Udayagiri, District- Gajapati invited percentage rate bids for the construction of Farmers Training Hall at K.V.K. R. Udayagiri & Construction of Bridge on the road from Tuburusingi to Benusahi of Anagha G.P. from the registered contractors of PWD/RD/Water Resources departments of Odisha. The tender paper will be sold from 18.01.2014 to 24.01.2014 and will be received upto 1.00 PM of 27.01.2014 in the office of the authority at R. Udayagiri, District- Gajapati during office hours on working days only. The tender papers will be opened at 4.00 PM on 27.01.2014 in the office of the undersigned in presence of the tenderers or their authorized representatives. The required E.M.D. in shape of TDR / NSC / BD / Pass Book of any Nationalized Bank / Post Office Savings duly pledged in favour of B.D.O., R. Udayagiri along with attested photocopy of VAT clearance certificate / Income tax clearance certificate / valid PAN Card / Valid Contractor registration Certificate renewed registration of labour license must be accompanied with the tender paper. The tender paper can be purchased from the office of the undersigned against non-refundable fees towards cost of documents as indicated on cash payment / B.D. of any Nationalized Bank in favour of B.D.O., R. Udayagiri payable at R. Udayagiri. The tender must be delivered in the specified TENDER BOX to be kept in this office of the undersigned. The Engineer Contractors who want to avail EMD exemption shall have to furnish an affidavit along with the tender, declaring therein that he/she has not yet availed 03 (Three) numbers of EMD exemption during the financial year and to show original registration certificate to the tender opening authority.
The renderers must produce the entire original above said documents in the office of the undersigned at the time of opening of tender for verification and return. In case the bidder fails to submit the original documents for verification within the time period (i.e. at the time of opening) his/her offer shall be rejected. The undersigned authority reserves the right to reject any / all tender papers without assigning any reasons thereof.
Sl. No.	Name of the Work	Value of work (in Rupees)	Cost of tender papers (in Rs.) + 5% VAT	Class of Con-tractor	EMD 1% (Rs.)	Sale of tender papers	Receipt of tender papers	Date / Time of opening of tender papers	Period of Com-pletion
1	Const. of Farmers Training Hall at KVK, R. Udayagiri	15,60,000/-	6000/- + 5% VAT	B & C	15600/-	18.01.14 to 24.01.14	Upto 1.00 PM of 27.01.2014	27.01.14 at 4.00 PM	6 Calendar Months
2	Const. of Bridge over the road, Tuburusingi to Benusahi of Anagha, GP	9,88,000/-	4000/- + 5% VAT	C & D	9900/-	18.01.14 to 24.01.14	Upto 1.00 PM of 27.01.2014	27.01.14 at 4.00 PM	6 Calendar Months
Sd./- Block Development Officer, R. Udayagiri, Gajapati
